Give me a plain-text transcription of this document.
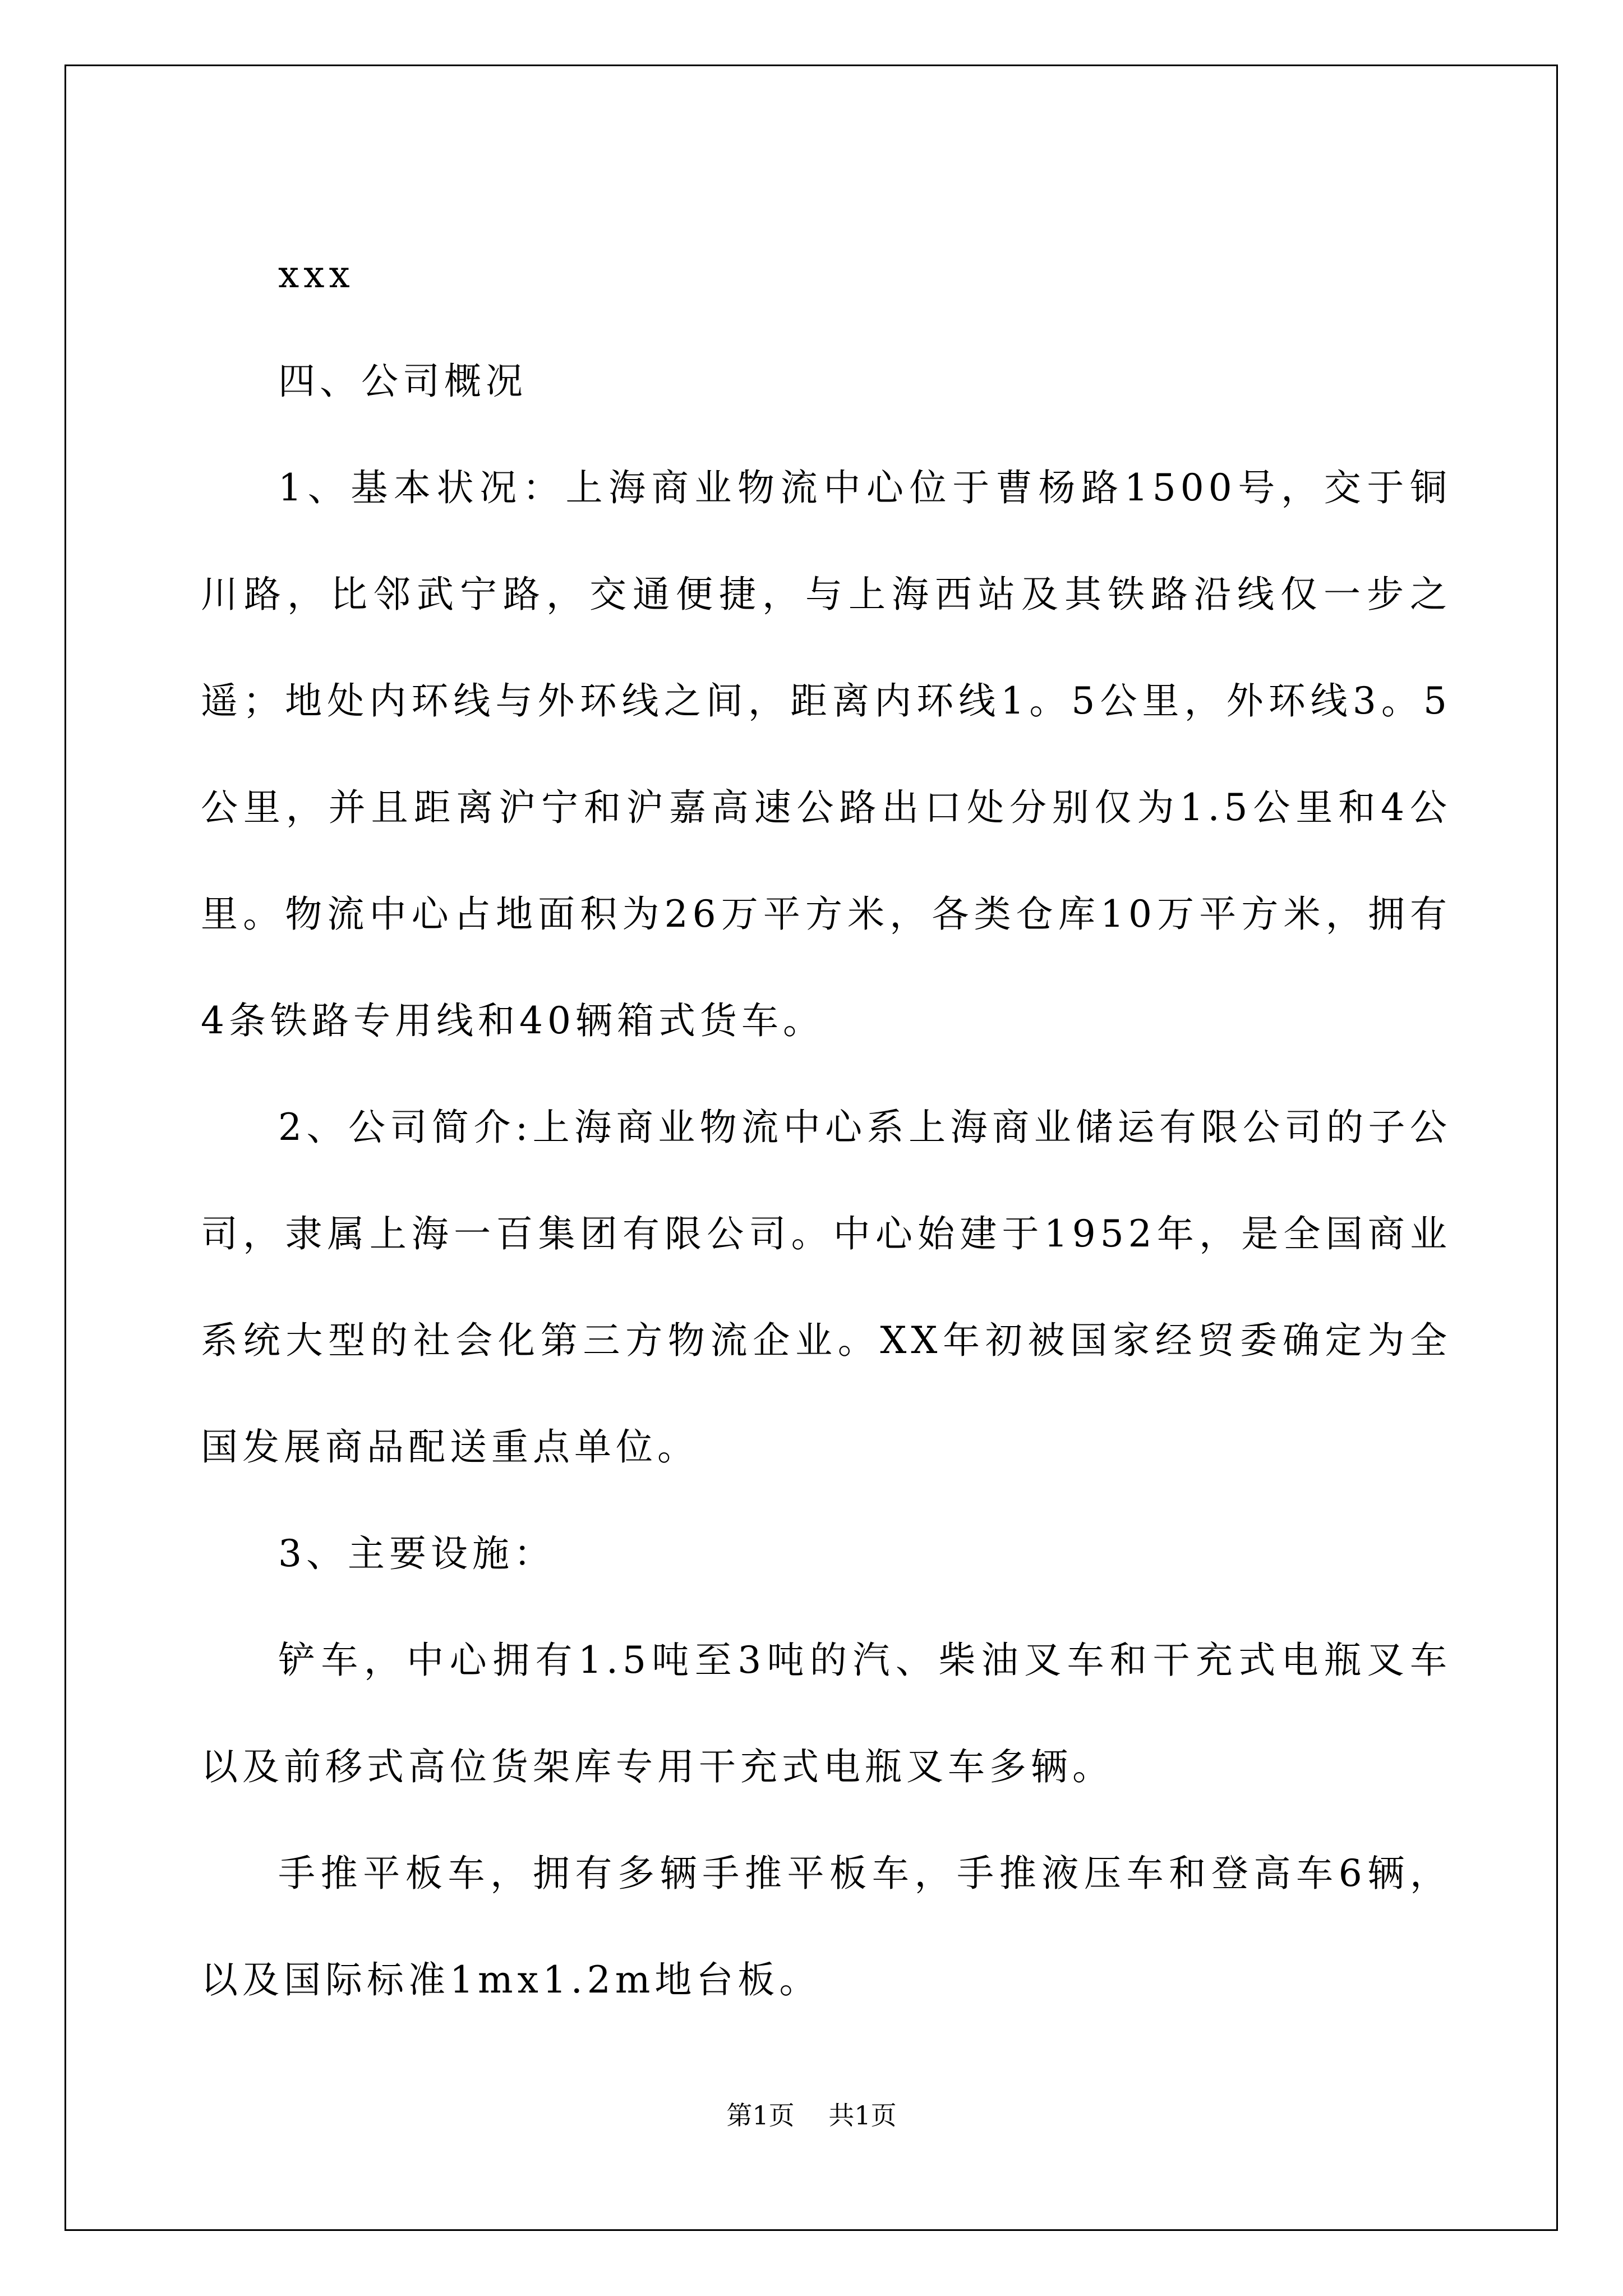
xxx

四、公司概况

1、基本状况：上海商业物流中心位于曹杨路1500号，交于铜川路，比邻武宁路，交通便捷，与上海西站及其铁路沿线仅一步之遥；地处内环线与外环线之间，距离内环线1。5公里，外环线3。5公里，并且距离沪宁和沪嘉高速公路出口处分别仅为1.5公里和4公里。物流中心占地面积为26万平方米，各类仓库10万平方米，拥有4条铁路专用线和40辆箱式货车。

2、公司简介:上海商业物流中心系上海商业储运有限公司的子公司，隶属上海一百集团有限公司。中心始建于1952年，是全国商业系统大型的社会化第三方物流企业。XX年初被国家经贸委确定为全国发展商品配送重点单位。

3、主要设施：

铲车，中心拥有1.5吨至3吨的汽、柴油叉车和干充式电瓶叉车以及前移式高位货架库专用干充式电瓶叉车多辆。

手推平板车，拥有多辆手推平板车，手推液压车和登高车6辆，以及国际标准1mx1.2m地台板。

第1页 共1页
